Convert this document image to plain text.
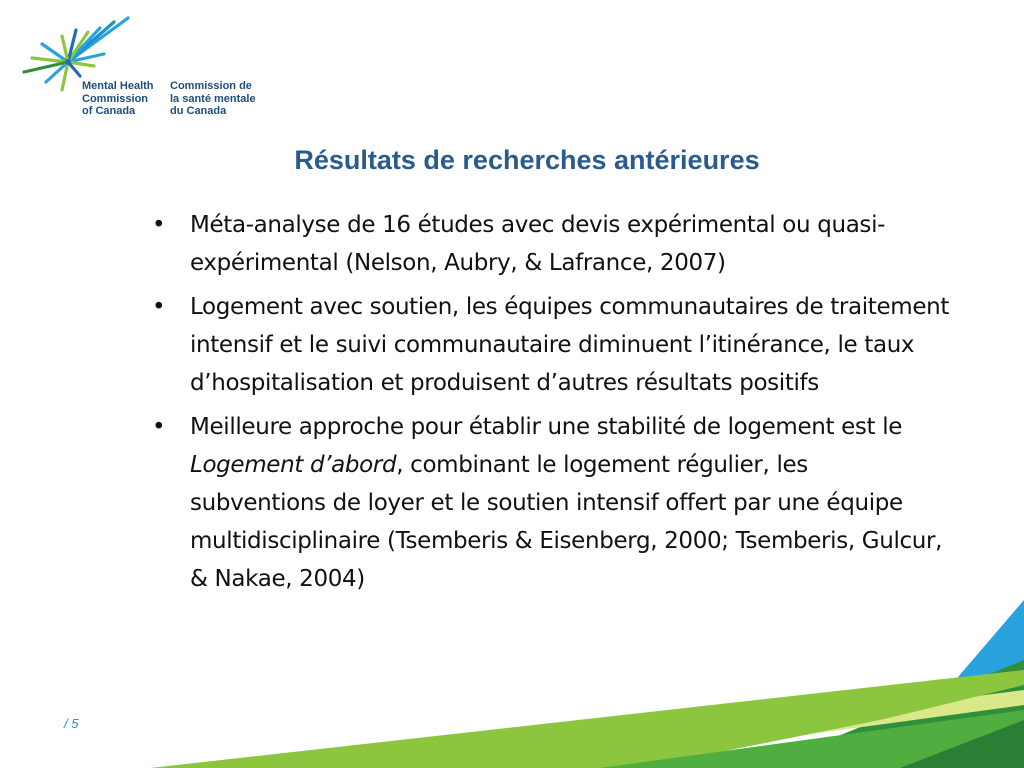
Mental Health
Commission
of Canada
Commission de
la santé mentale
du Canada
Résultats de recherches antérieures
• Méta-analyse de 16 études avec devis expérimental ou quasi-expérimental (Nelson, Aubry, & Lafrance, 2007)
• Logement avec soutien, les équipes communautaires de traitement intensif et le suivi communautaire diminuent l’itinérance, le taux d’hospitalisation et produisent d’autres résultats positifs
• Meilleure approche pour établir une stabilité de logement est le Logement d’abord, combinant le logement régulier, les subventions de loyer et le soutien intensif offert par une équipe multidisciplinaire (Tsemberis & Eisenberg, 2000; Tsemberis, Gulcur, & Nakae, 2004)
/ 5
